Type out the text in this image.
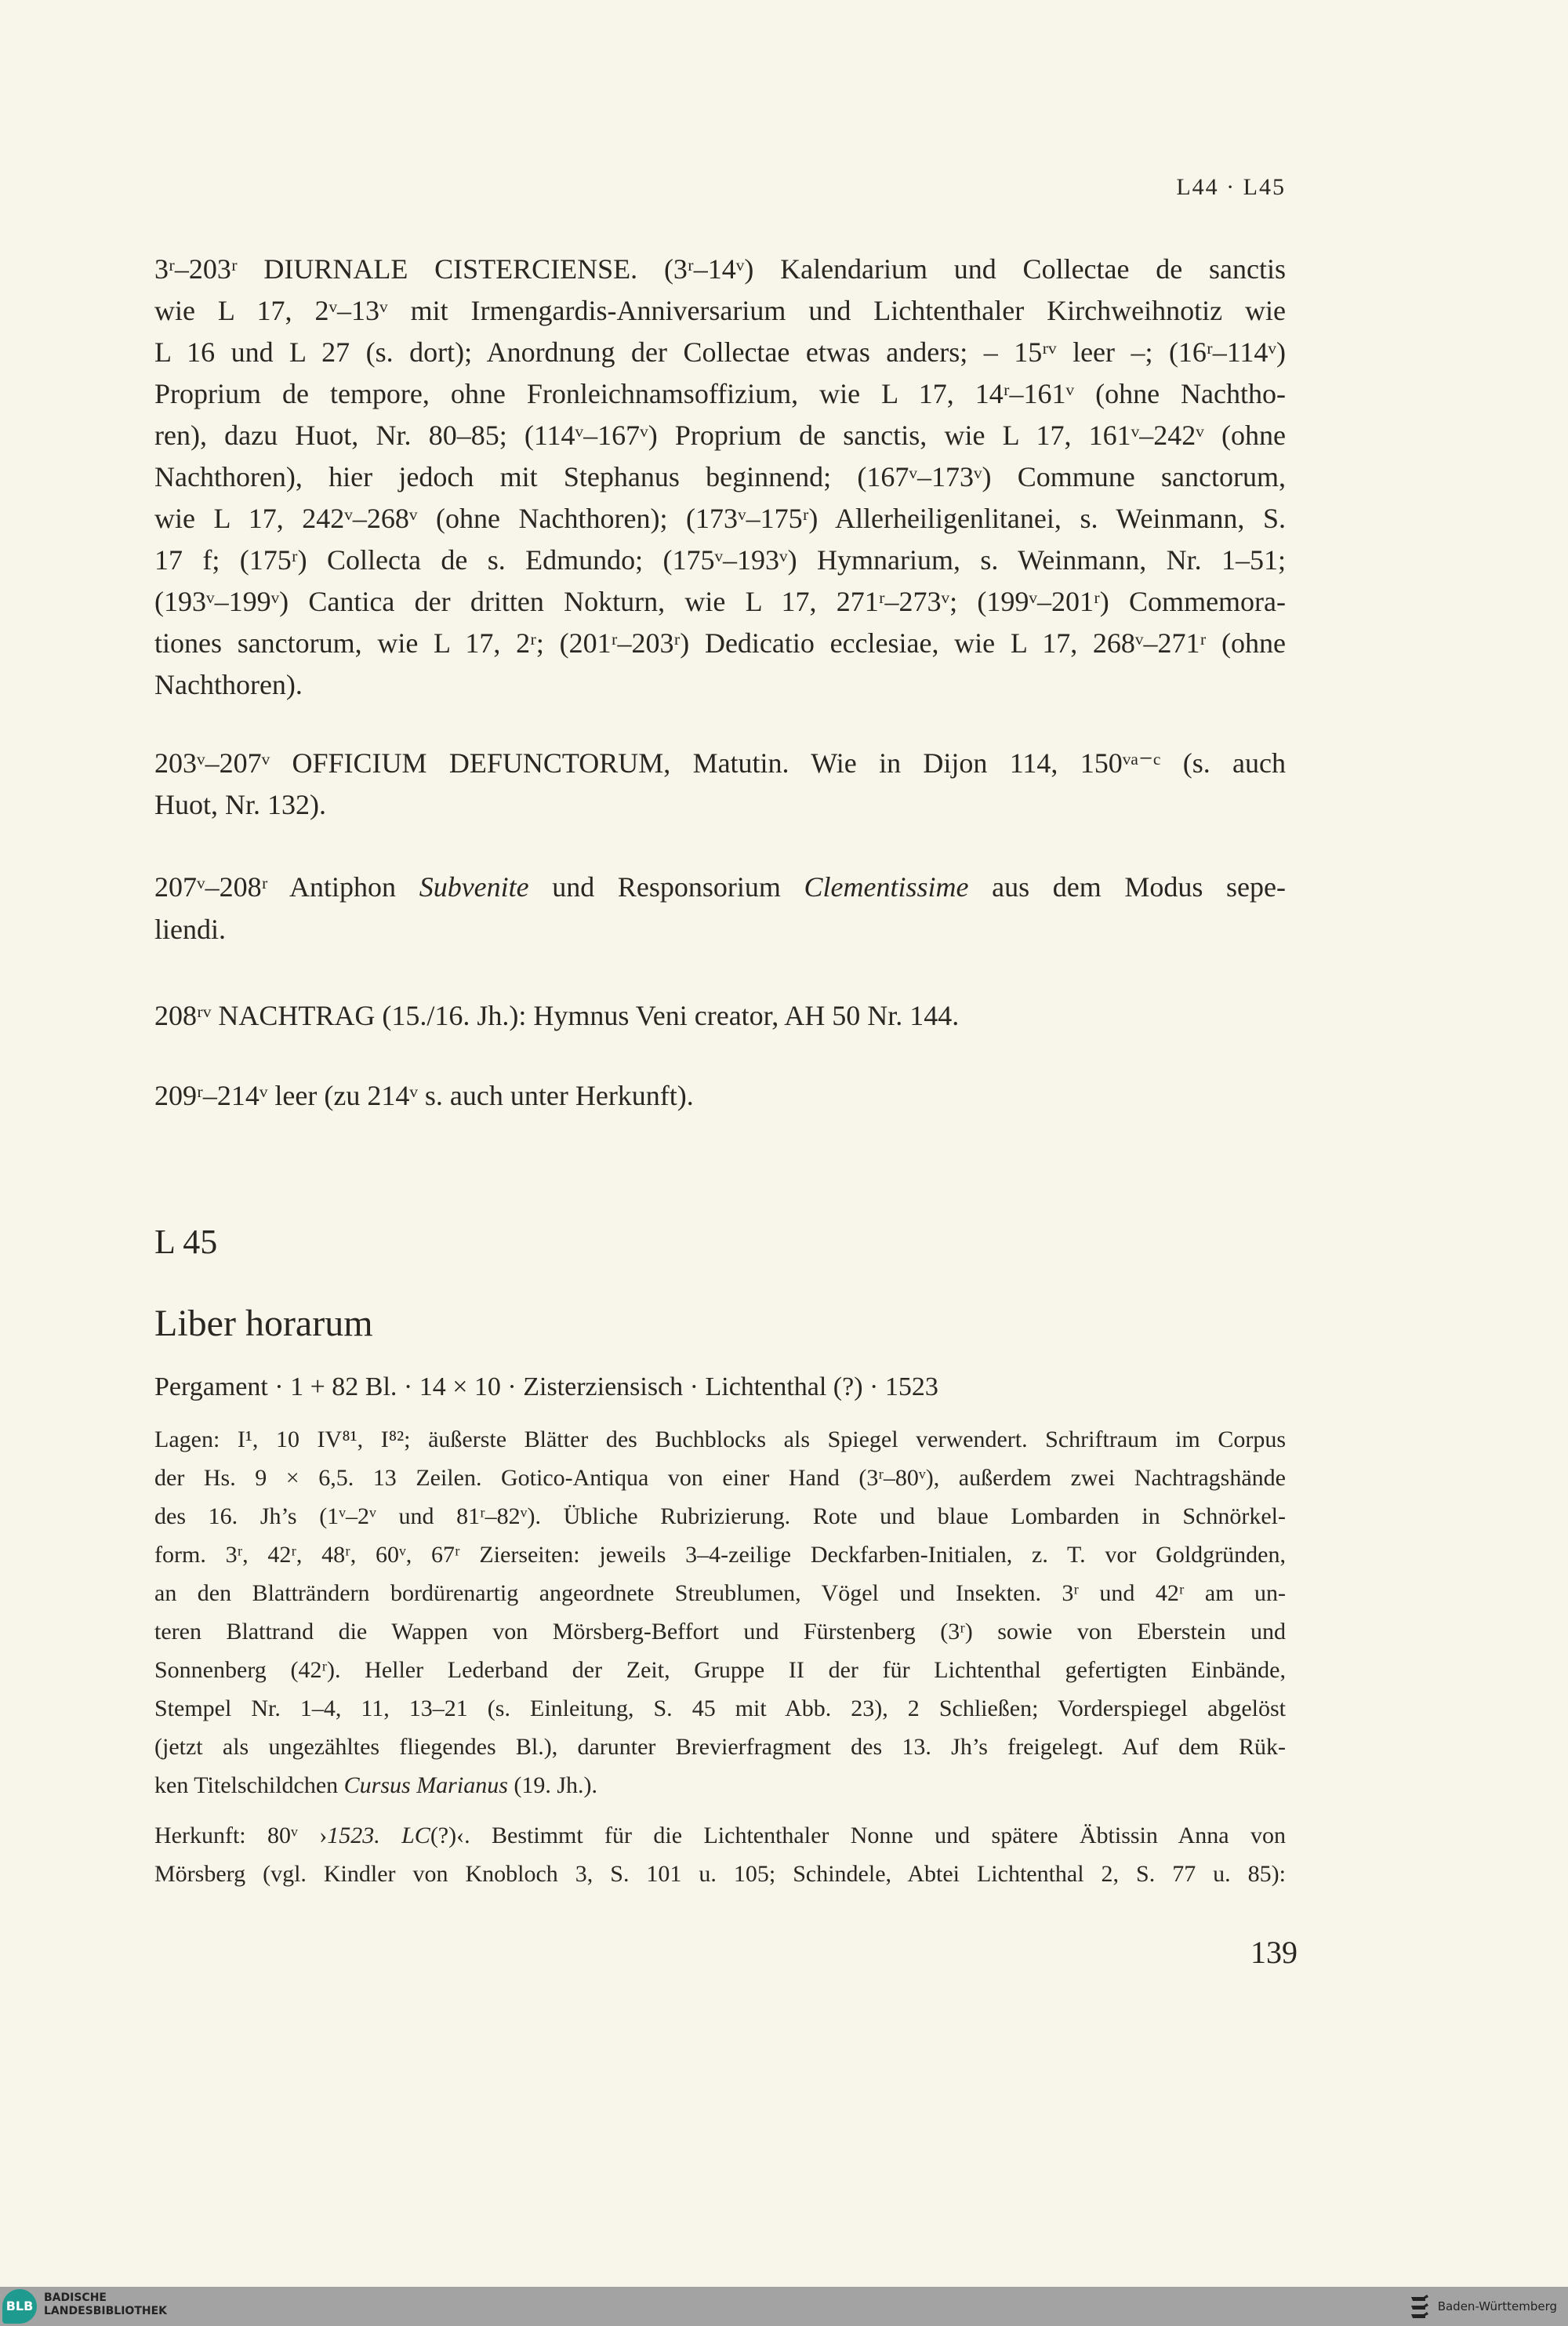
L44 · L45
3ʳ–203ʳ DIURNALE CISTERCIENSE. (3ʳ–14ᵛ) Kalendarium und Collectae de sanctis
wie L 17, 2ᵛ–13ᵛ mit Irmengardis-Anniversarium und Lichtenthaler Kirchweihnotiz wie
L 16 und L 27 (s. dort); Anordnung der Collectae etwas anders; – 15ʳᵛ leer –; (16ʳ–114ᵛ)
Proprium de tempore, ohne Fronleichnamsoffizium, wie L 17, 14ʳ–161ᵛ (ohne Nachtho-
ren), dazu Huot, Nr. 80–85; (114ᵛ–167ᵛ) Proprium de sanctis, wie L 17, 161ᵛ–242ᵛ (ohne
Nachthoren), hier jedoch mit Stephanus beginnend; (167ᵛ–173ᵛ) Commune sanctorum,
wie L 17, 242ᵛ–268ᵛ (ohne Nachthoren); (173ᵛ–175ʳ) Allerheiligenlitanei, s. Weinmann, S.
17 f; (175ʳ) Collecta de s. Edmundo; (175ᵛ–193ᵛ) Hymnarium, s. Weinmann, Nr. 1–51;
(193ᵛ–199ᵛ) Cantica der dritten Nokturn, wie L 17, 271ʳ–273ᵛ; (199ᵛ–201ʳ) Commemora-
tiones sanctorum, wie L 17, 2ʳ; (201ʳ–203ʳ) Dedicatio ecclesiae, wie L 17, 268ᵛ–271ʳ (ohne
Nachthoren).
203ᵛ–207ᵛ OFFICIUM DEFUNCTORUM, Matutin. Wie in Dijon 114, 150ᵛᵃ⁻ᶜ (s. auch
Huot, Nr. 132).
207ᵛ–208ʳ Antiphon Subvenite und Responsorium Clementissime aus dem Modus sepe-
liendi.
208ʳᵛ NACHTRAG (15./16. Jh.): Hymnus Veni creator, AH 50 Nr. 144.
209ʳ–214ᵛ leer (zu 214ᵛ s. auch unter Herkunft).
L 45
Liber horarum
Pergament · 1 + 82 Bl. · 14 × 10 · Zisterziensisch · Lichtenthal (?) · 1523
Lagen: I¹, 10 IV⁸¹, I⁸²; äußerste Blätter des Buchblocks als Spiegel verwendert. Schriftraum im Corpus
der Hs. 9 × 6,5. 13 Zeilen. Gotico-Antiqua von einer Hand (3ʳ–80ᵛ), außerdem zwei Nachtragshände
des 16. Jh’s (1ᵛ–2ᵛ und 81ʳ–82ᵛ). Übliche Rubrizierung. Rote und blaue Lombarden in Schnörkel-
form. 3ʳ, 42ʳ, 48ʳ, 60ᵛ, 67ʳ Zierseiten: jeweils 3–4-zeilige Deckfarben-Initialen, z. T. vor Goldgründen,
an den Blatträndern bordürenartig angeordnete Streublumen, Vögel und Insekten. 3ʳ und 42ʳ am un-
teren Blattrand die Wappen von Mörsberg-Beffort und Fürstenberg (3ʳ) sowie von Eberstein und
Sonnenberg (42ʳ). Heller Lederband der Zeit, Gruppe II der für Lichtenthal gefertigten Einbände,
Stempel Nr. 1–4, 11, 13–21 (s. Einleitung, S. 45 mit Abb. 23), 2 Schließen; Vorderspiegel abgelöst
(jetzt als ungezähltes fliegendes Bl.), darunter Brevierfragment des 13. Jh’s freigelegt. Auf dem Rük-
ken Titelschildchen Cursus Marianus (19. Jh.).
Herkunft: 80ᵛ ›1523. LC(?)‹. Bestimmt für die Lichtenthaler Nonne und spätere Äbtissin Anna von
Mörsberg (vgl. Kindler von Knobloch 3, S. 101 u. 105; Schindele, Abtei Lichtenthal 2, S. 77 u. 85):
139
BLB
BADISCHE
LANDESBIBLIOTHEK	Baden-Württemberg
